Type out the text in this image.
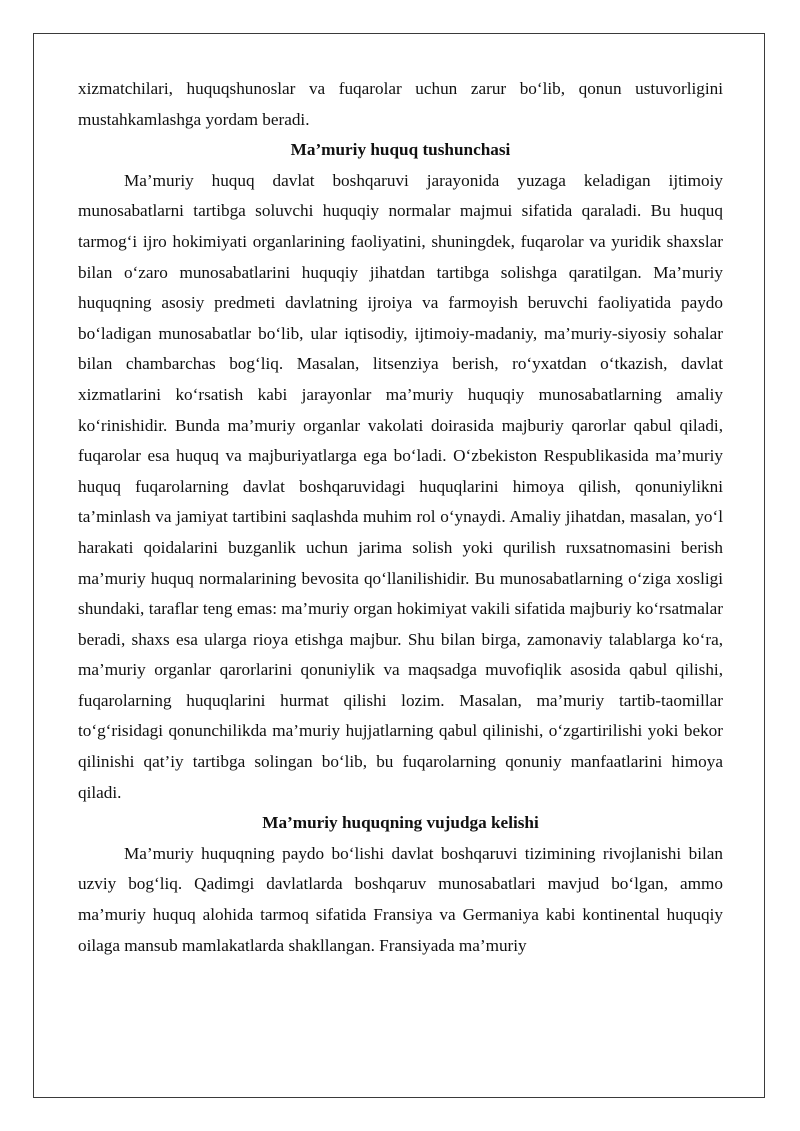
xizmatchilari, huquqshunoslar va fuqarolar uchun zarur bo‘lib, qonun ustuvorligini mustahkamlashga yordam beradi.

Ma’muriy huquq tushunchasi

Ma’muriy huquq davlat boshqaruvi jarayonida yuzaga keladigan ijtimoiy munosabatlarni tartibga soluvchi huquqiy normalar majmui sifatida qaraladi. Bu huquq tarmog‘i ijro hokimiyati organlarining faoliyatini, shuningdek, fuqarolar va yuridik shaxslar bilan o‘zaro munosabatlarini huquqiy jihatdan tartibga solishga qaratilgan. Ma’muriy huquqning asosiy predmeti davlatning ijroiya va farmoyish beruvchi faoliyatida paydo bo‘ladigan munosabatlar bo‘lib, ular iqtisodiy, ijtimoiy-madaniy, ma’muriy-siyosiy sohalar bilan chambarchas bog‘liq. Masalan, litsenziya berish, ro‘yxatdan o‘tkazish, davlat xizmatlarini ko‘rsatish kabi jarayonlar ma’muriy huquqiy munosabatlarning amaliy ko‘rinishidir. Bunda ma’muriy organlar vakolati doirasida majburiy qarorlar qabul qiladi, fuqarolar esa huquq va majburiyatlarga ega bo‘ladi. O‘zbekiston Respublikasida ma’muriy huquq fuqarolarning davlat boshqaruvidagi huquqlarini himoya qilish, qonuniylikni ta’minlash va jamiyat tartibini saqlashda muhim rol o‘ynaydi. Amaliy jihatdan, masalan, yo‘l harakati qoidalarini buzganlik uchun jarima solish yoki qurilish ruxsatnomasini berish ma’muriy huquq normalarining bevosita qo‘llanilishidir. Bu munosabatlarning o‘ziga xosligi shundaki, taraflar teng emas: ma’muriy organ hokimiyat vakili sifatida majburiy ko‘rsatmalar beradi, shaxs esa ularga rioya etishga majbur. Shu bilan birga, zamonaviy talablarga ko‘ra, ma’muriy organlar qarorlarini qonuniylik va maqsadga muvofiqlik asosida qabul qilishi, fuqarolarning huquqlarini hurmat qilishi lozim. Masalan, ma’muriy tartib-taomillar to‘g‘risidagi qonunchilikda ma’muriy hujjatlarning qabul qilinishi, o‘zgartirilishi yoki bekor qilinishi qat’iy tartibga solingan bo‘lib, bu fuqarolarning qonuniy manfaatlarini himoya qiladi.

Ma’muriy huquqning vujudga kelishi

Ma’muriy huquqning paydo bo‘lishi davlat boshqaruvi tizimining rivojlanishi bilan uzviy bog‘liq. Qadimgi davlatlarda boshqaruv munosabatlari mavjud bo‘lgan, ammo ma’muriy huquq alohida tarmoq sifatida Fransiya va Germaniya kabi kontinental huquqiy oilaga mansub mamlakatlarda shakllangan. Fransiyada ma’muriy
